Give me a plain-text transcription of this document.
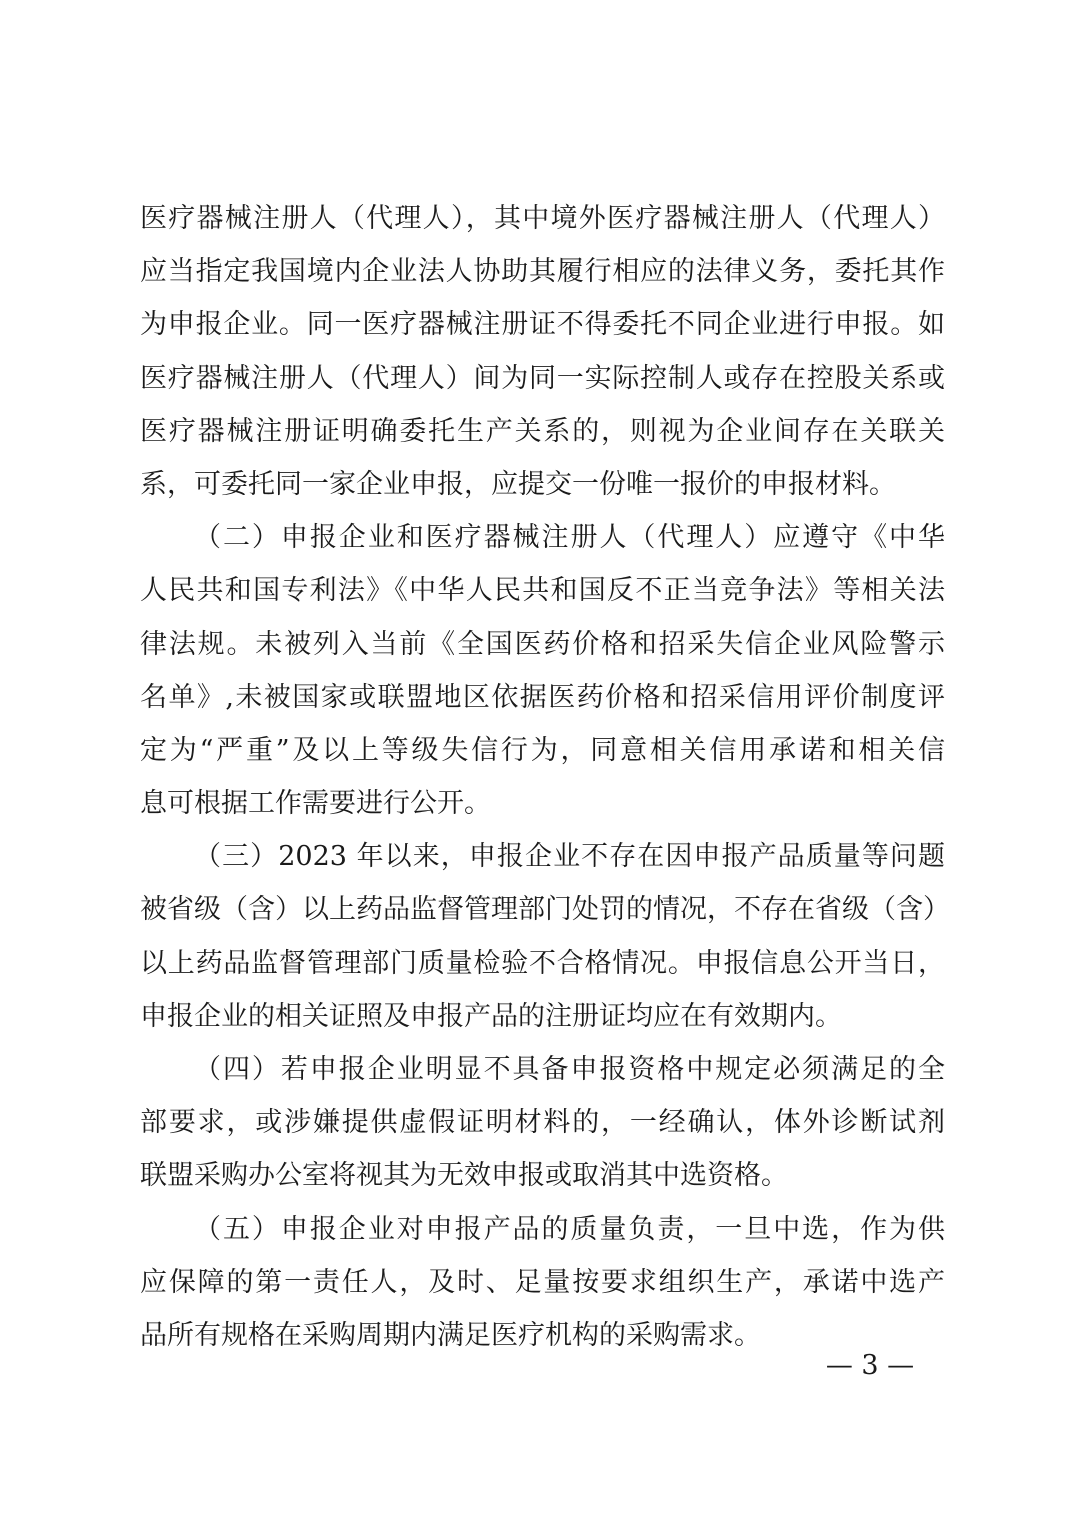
医疗器械注册人（代理人），其中境外医疗器械注册人（代理人）
应当指定我国境内企业法人协助其履行相应的法律义务，委托其作
为申报企业。同一医疗器械注册证不得委托不同企业进行申报。如
医疗器械注册人（代理人）间为同一实际控制人或存在控股关系或
医疗器械注册证明确委托生产关系的，则视为企业间存在关联关
系，可委托同一家企业申报，应提交一份唯一报价的申报材料。
（二）申报企业和医疗器械注册人（代理人）应遵守《中华
人民共和国专利法》《中华人民共和国反不正当竞争法》等相关法
律法规。未被列入当前《全国医药价格和招采失信企业风险警示
名单》,未被国家或联盟地区依据医药价格和招采信用评价制度评
定为“严重”及以上等级失信行为，同意相关信用承诺和相关信
息可根据工作需要进行公开。
（三）2023 年以来，申报企业不存在因申报产品质量等问题
被省级（含）以上药品监督管理部门处罚的情况，不存在省级（含）
以上药品监督管理部门质量检验不合格情况。申报信息公开当日，
申报企业的相关证照及申报产品的注册证均应在有效期内。
（四）若申报企业明显不具备申报资格中规定必须满足的全
部要求，或涉嫌提供虚假证明材料的，一经确认，体外诊断试剂
联盟采购办公室将视其为无效申报或取消其中选资格。
（五）申报企业对申报产品的质量负责，一旦中选，作为供
应保障的第一责任人，及时、足量按要求组织生产，承诺中选产
品所有规格在采购周期内满足医疗机构的采购需求。
— 3 —
